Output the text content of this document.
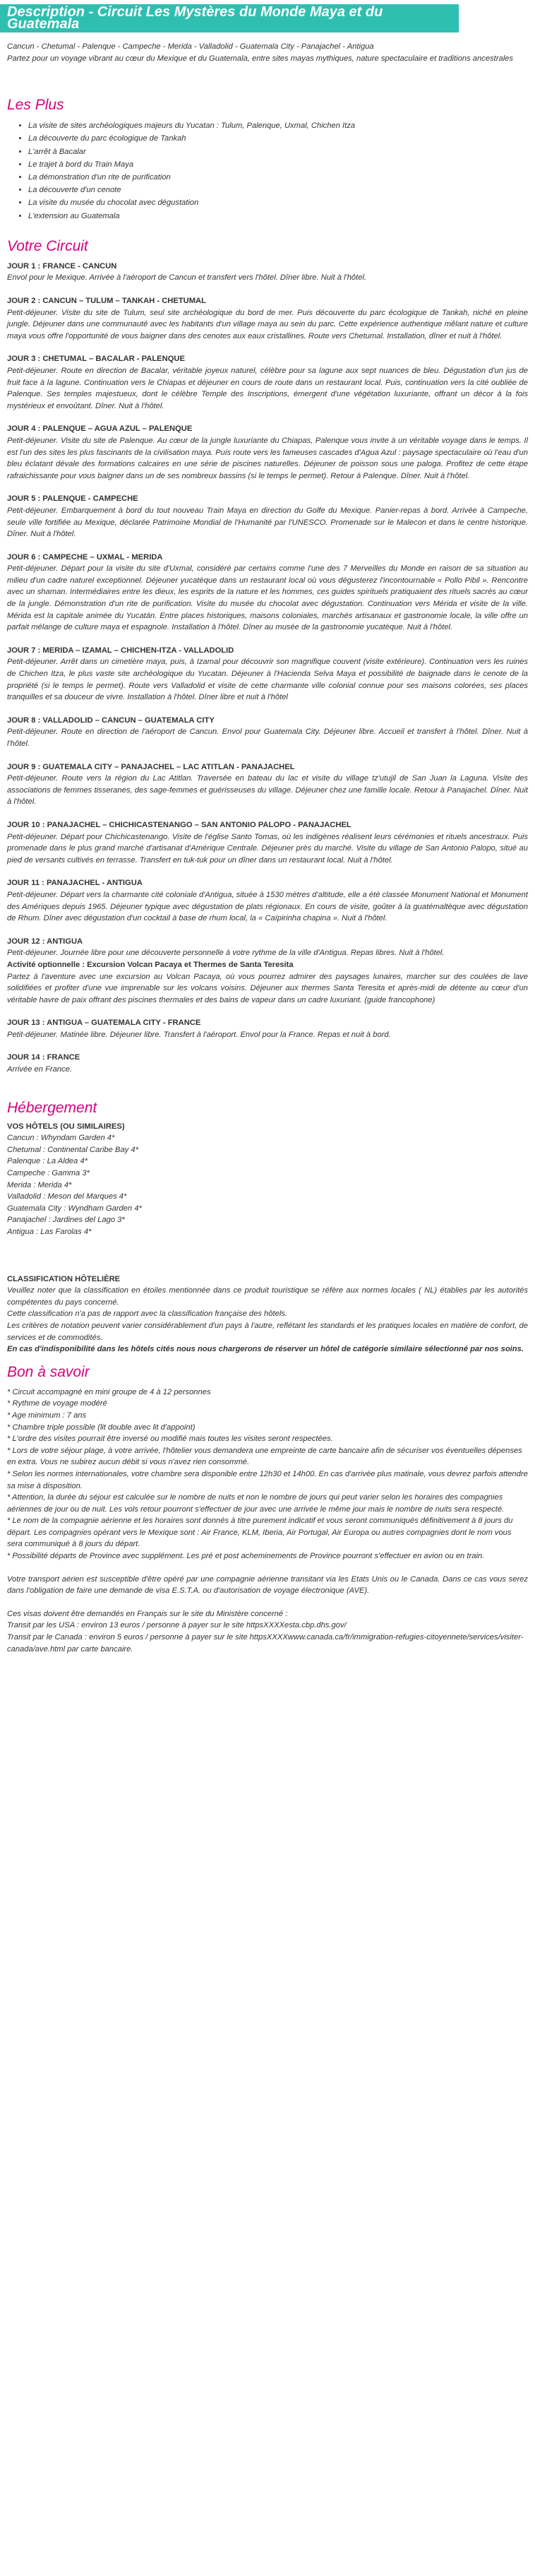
Description - Circuit Les Mystères du Monde Maya et du Guatemala

Cancun - Chetumal - Palenque - Campeche - Merida - Valladolid - Guatemala City - Panajachel - Antigua

Partez pour un voyage vibrant au cœur du Mexique et du Guatemala, entre sites mayas mythiques, nature spectaculaire et traditions ancestrales

Les Plus
• La visite de sites archéologiques majeurs du Yucatan : Tulum, Palenque, Uxmal, Chichen Itza
• La découverte du parc écologique de Tankah
• L'arrêt à Bacalar
• Le trajet à bord du Train Maya
• La démonstration d'un rite de purification
• La découverte d'un cenote
• La visite du musée du chocolat avec dégustation
• L'extension au Guatemala
Votre Circuit

JOUR 1 : FRANCE - CANCUN

Envol pour le Mexique. Arrivée à l'aéroport de Cancun et transfert vers l'hôtel. Dîner libre. Nuit à l'hôtel.

JOUR 2 : CANCUN – TULUM – TANKAH - CHETUMAL

Petit-déjeuner. Visite du site de Tulum, seul site archéologique du bord de mer. Puis découverte du parc écologique de Tankah, niché en pleine jungle. Déjeuner dans une communauté avec les habitants d'un village maya au sein du parc. Cette expérience authentique mêlant nature et culture maya vous offre l'opportunité de vous baigner dans des cenotes aux eaux cristallines. Route vers Chetumal. Installation, dîner et nuit à l'hôtel.

JOUR 3 : CHETUMAL – BACALAR - PALENQUE

Petit-déjeuner. Route en direction de Bacalar, véritable joyeux naturel, célèbre pour sa lagune aux sept nuances de bleu. Dégustation d'un jus de fruit face à la lagune. Continuation vers le Chiapas et déjeuner en cours de route dans un restaurant local. Puis, continuation vers la cité oubliée de Palenque. Ses temples majestueux, dont le célèbre Temple des Inscriptions, émergent d'une végétation luxuriante, offrant un décor à la fois mystérieux et envoûtant. Dîner. Nuit à l'hôtel.

JOUR 4 : PALENQUE – AGUA AZUL – PALENQUE

Petit-déjeuner. Visite du site de Palenque. Au cœur de la jungle luxuriante du Chiapas, Palenque vous invite à un véritable voyage dans le temps. Il est l'un des sites les plus fascinants de la civilisation maya. Puis route vers les fameuses cascades d'Agua Azul : paysage spectaculaire où l'eau d'un bleu éclatant dévale des formations calcaires en une série de piscines naturelles. Déjeuner de poisson sous une paloga. Profitez de cette étape rafraichissante pour vous baigner dans un de ses nombreux bassins (si le temps le permet). Retour à Palenque. Dîner. Nuit à l'hôtel.

JOUR 5 : PALENQUE - CAMPECHE

Petit-déjeuner. Embarquement à bord du tout nouveau Train Maya en direction du Golfe du Mexique. Panier-repas à bord. Arrivée à Campeche, seule ville fortifiée au Mexique, déclarée Patrimoine Mondial de l'Humanité par l'UNESCO. Promenade sur le Malecon et dans le centre historique. Dîner. Nuit à l'hôtel.

JOUR 6 : CAMPECHE – UXMAL - MERIDA

Petit-déjeuner. Départ pour la visite du site d'Uxmal, considéré par certains comme l'une des 7 Merveilles du Monde en raison de sa situation au milieu d'un cadre naturel exceptionnel. Déjeuner yucatèque dans un restaurant local où vous dégusterez l'incontournable « Pollo Pibil ». Rencontre avec un shaman. Intermédiaires entre les dieux, les esprits de la nature et les hommes, ces guides spirituels pratiquaient des rituels sacrés au cœur de la jungle. Démonstration d'un rite de purification. Visite du musée du chocolat avec dégustation. Continuation vers Mérida et visite de la ville. Mérida est la capitale animée du Yucatán. Entre places historiques, maisons coloniales, marchés artisanaux et gastronomie locale, la ville offre un parfait mélange de culture maya et espagnole. Installation à l'hôtel. Dîner au musée de la gastronomie yucatèque. Nuit à l'hôtel.

JOUR 7 : MERIDA – IZAMAL – CHICHEN-ITZA - VALLADOLID

Petit-déjeuner. Arrêt dans un cimetière maya, puis, à Izamal pour découvrir son magnifique couvent (visite extérieure). Continuation vers les ruines de Chichen Itza, le plus vaste site archéologique du Yucatan. Déjeuner à l'Hacienda Selva Maya et possibilité de baignade dans le cenote de la propriété (si le temps le permet). Route vers Valladolid et visite de cette charmante ville colonial connue pour ses maisons colorées, ses places tranquilles et sa douceur de vivre. Installation à l'hôtel. Dîner libre et nuit à l'hôtel

JOUR 8 : VALLADOLID – CANCUN – GUATEMALA CITY

Petit-déjeuner. Route en direction de l'aéroport de Cancun. Envol pour Guatemala City. Déjeuner libre. Accueil et transfert à l'hôtel. Dîner. Nuit à l'hôtel.

JOUR 9 : GUATEMALA CITY – PANAJACHEL – LAC ATITLAN - PANAJACHEL

Petit-déjeuner. Route vers la région du Lac Atitlan. Traversée en bateau du lac et visite du village tz'utujil de San Juan la Laguna. Visite des associations de femmes tisseranes, des sage-femmes et guérisseuses du village. Déjeuner chez une famille locale. Retour à Panajachel. Dîner. Nuit à l'hôtel.

JOUR 10 : PANAJACHEL – CHICHICASTENANGO – SAN ANTONIO PALOPO - PANAJACHEL

Petit-déjeuner. Départ pour Chichicastenango. Visite de l'église Santo Tomas, où les indigènes réalisent leurs cérémonies et rituels ancestraux. Puis promenade dans le plus grand marché d'artisanat d'Amérique Centrale. Déjeuner près du marché. Visite du village de San Antonio Palopo, situé au pied de versants cultivés en terrasse. Transfert en tuk-tuk pour un dîner dans un restaurant local. Nuit à l'hôtel.

JOUR 11 : PANAJACHEL - ANTIGUA

Petit-déjeuner. Départ vers la charmante cité coloniale d'Antigua, située à 1530 mètres d'altitude, elle a été classée Monument National et Monument des Amériques depuis 1965. Déjeuner typique avec dégustation de plats régionaux. En cours de visite, goûter à la guatémaltèque avec dégustation de Rhum. Dîner avec dégustation d'un cocktail à base de rhum local, la « Caïpirinha chapina ». Nuit à l'hôtel.

JOUR 12 : ANTIGUA

Petit-déjeuner. Journée libre pour une découverte personnelle à votre rythme de la ville d'Antigua. Repas libres. Nuit à l'hôtel.

Activité optionnelle : Excursion Volcan Pacaya et Thermes de Santa Teresita

Partez à l'aventure avec une excursion au Volcan Pacaya, où vous pourrez admirer des paysages lunaires, marcher sur des coulées de lave solidifiées et profiter d'une vue imprenable sur les volcans voisins. Déjeuner aux thermes Santa Teresita et après-midi de détente au cœur d'un véritable havre de paix offrant des piscines thermales et des bains de vapeur dans un cadre luxuriant. (guide francophone)

JOUR 13 : ANTIGUA – GUATEMALA CITY - FRANCE

Petit-déjeuner. Matinée libre. Déjeuner libre. Transfert à l'aéroport. Envol pour la France. Repas et nuit à bord.

JOUR 14 : FRANCE

Arrivée en France.

Hébergement

VOS HÔTELS (OU SIMILAIRES)

Cancun : Whyndam Garden 4*
Chetumal : Continental Caribe Bay 4*
Palenque : La Aldea 4*
Campeche : Gamma 3*
Merida : Merida 4*
Valladolid : Meson del Marques 4*
Guatemala City : Wyndham Garden 4*
Panajachel : Jardines del Lago 3*
Antigua : Las Farolas 4*

CLASSIFICATION HÔTELIÈRE

Veuillez noter que la classification en étoiles mentionnée dans ce produit touristique se réfère aux normes locales ( NL) établies par les autorités compétentes du pays concerné.

Cette classification n'a pas de rapport avec la classification française des hôtels.

Les critères de notation peuvent varier considérablement d'un pays à l'autre, reflétant les standards et les pratiques locales en matière de confort, de services et de commodités.

En cas d'indisponibilité dans les hôtels cités nous nous chargerons de réserver un hôtel de catégorie similaire sélectionné par nos soins.

Bon à savoir

* Circuit accompagné en mini groupe de 4 à 12 personnes

* Rythme de voyage modéré

* Age minimum : 7 ans

* Chambre triple possible (lit double avec lit d'appoint)

* L'ordre des visites pourrait être inversé ou modifié mais toutes les visites seront respectées.

* Lors de votre séjour plage, à votre arrivée, l'hôtelier vous demandera une empreinte de carte bancaire afin de sécuriser vos éventuelles dépenses en extra. Vous ne subirez aucun débit si vous n'avez rien consommé.

* Selon les normes internationales, votre chambre sera disponible entre 12h30 et 14h00. En cas d'arrivée plus matinale, vous devrez parfois attendre sa mise à disposition.

* Attention, la durée du séjour est calculée sur le nombre de nuits et non le nombre de jours qui peut varier selon les horaires des compagnies aériennes de jour ou de nuit. Les vols retour pourront s'effectuer de jour avec une arrivée le même jour mais le nombre de nuits sera respecté.

* Le nom de la compagnie aérienne et les horaires sont donnés à titre purement indicatif et vous seront communiqués définitivement à 8 jours du départ. Les compagnies opérant vers le Mexique sont : Air France, KLM, Iberia, Air Portugal, Air Europa ou autres compagnies dont le nom vous sera communiqué à 8 jours du départ.

* Possibilité départs de Province avec supplément. Les pré et post acheminements de Province pourront s'effectuer en avion ou en train.

Votre transport aérien est susceptible d'être opéré par une compagnie aérienne transitant via les Etats Unis ou le Canada. Dans ce cas vous serez dans l'obligation de faire une demande de visa E.S.T.A. ou d'autorisation de voyage électronique (AVE).

Ces visas doivent être demandés en Français sur le site du Ministère concerné :

Transit par les USA : environ 13 euros / personne à payer sur le site httpsXXXXesta.cbp.dhs.gov/

Transit par le Canada : environ 5 euros / personne à payer sur le site httpsXXXXwww.canada.ca/fr/immigration-refugies-citoyennete/services/visiter-canada/ave.html par carte bancaire.
